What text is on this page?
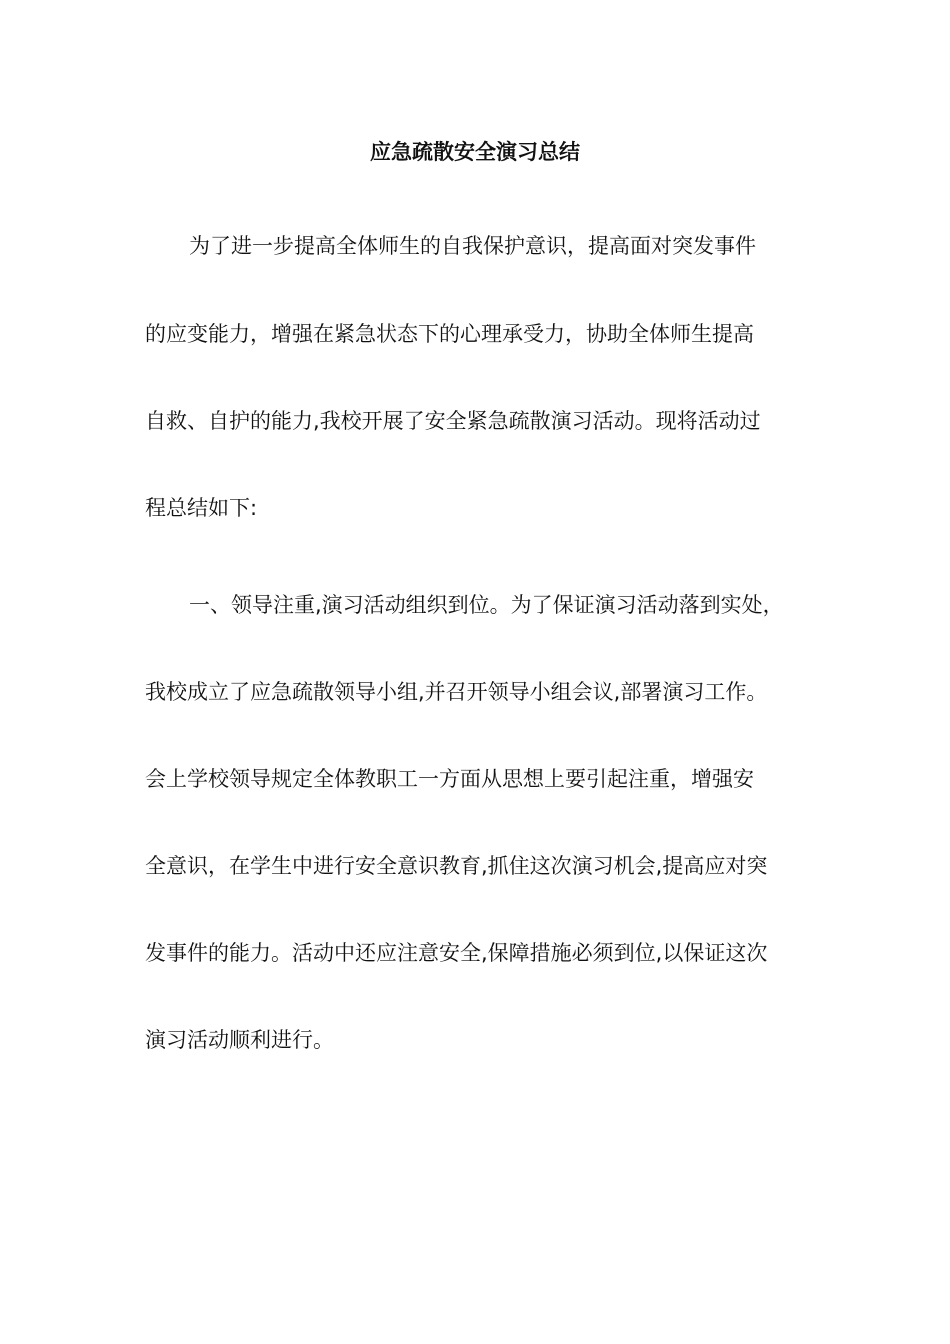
应急疏散安全演习总结
为了进一步提高全体师生的自我保护意识，提高面对突发事件
的应变能力，增强在紧急状态下的心理承受力，协助全体师生提高
自救、自护的能力,我校开展了安全紧急疏散演习活动。现将活动过
程总结如下:
一、领导注重,演习活动组织到位。为了保证演习活动落到实处，
我校成立了应急疏散领导小组,并召开领导小组会议,部署演习工作。
会上学校领导规定全体教职工一方面从思想上要引起注重，增强安
全意识，在学生中进行安全意识教育,抓住这次演习机会,提高应对突
发事件的能力。活动中还应注意安全,保障措施必须到位,以保证这次
演习活动顺利进行。
